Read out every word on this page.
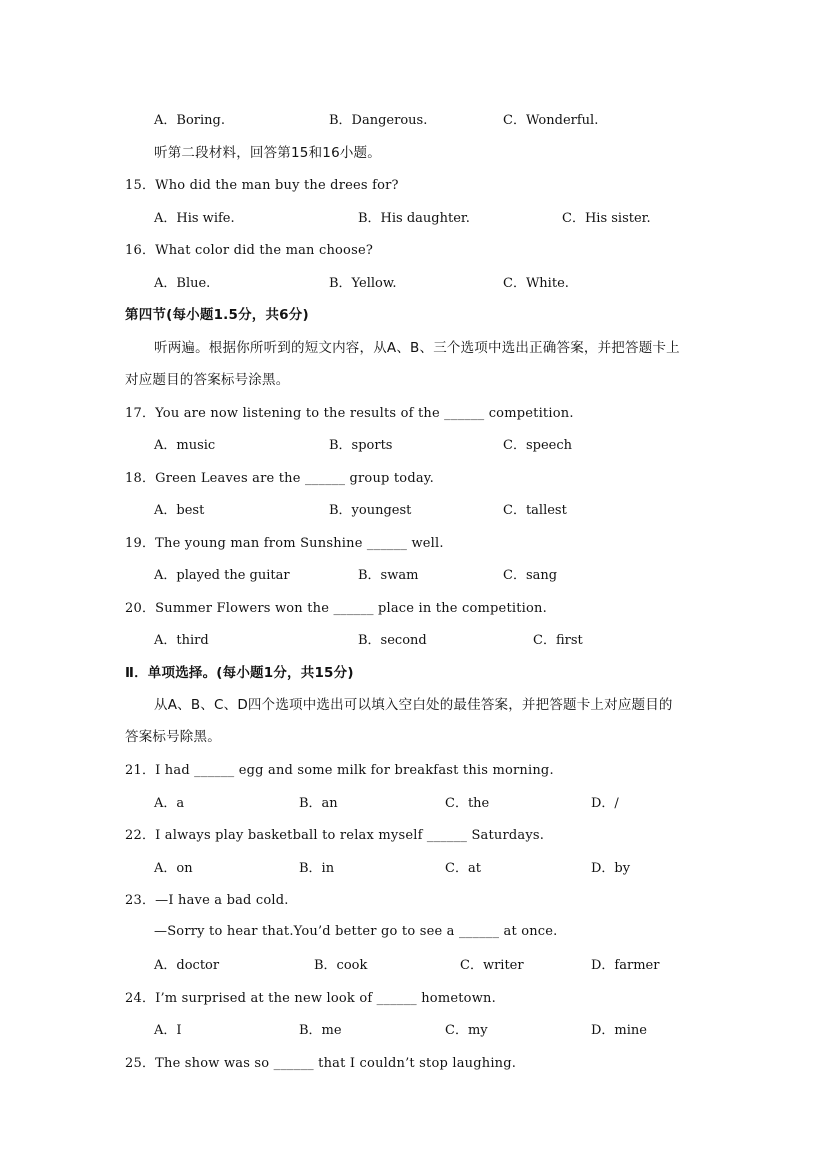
A．Boring.	B．Dangerous.	C．Wonderful.
听第二段材料，回答第15和16小题。
15．Who did the man buy the drees for?
A．His wife.	B．His daughter.	C．His sister.
16．What color did the man choose?
A．Blue.	B．Yellow.	C．White.
第四节(每小题1.5分，共6分)
听两遍。根据你所听到的短文内容，从A、B、三个选项中选出正确答案，并把答题卡上
对应题目的答案标号涂黑。
17．You are now listening to the results of the ______ competition.
A．music	B．sports	C．speech
18．Green Leaves are the ______ group today.
A．best	B．youngest	C．tallest
19．The young man from Sunshine ______ well.
A．played the guitar	B．swam	C．sang
20．Summer Flowers won the ______ place in the competition.
A．third	B．second	C．first
Ⅱ．单项选择。(每小题1分，共15分)
从A、B、C、D四个选项中选出可以填入空白处的最佳答案，并把答题卡上对应题目的
答案标号除黑。
21．I had ______ egg and some milk for breakfast this morning.
A．a	B．an	C．the	D．/
22．I always play basketball to relax myself ______ Saturdays.
A．on	B．in	C．at	D．by
23．—I have a bad cold.
—Sorry to hear that.You’d better go to see a ______ at once.
A．doctor	B．cook	C．writer	D．farmer
24．I’m surprised at the new look of ______ hometown.
A．I	B．me	C．my	D．mine
25．The show was so ______ that I couldn’t stop laughing.
